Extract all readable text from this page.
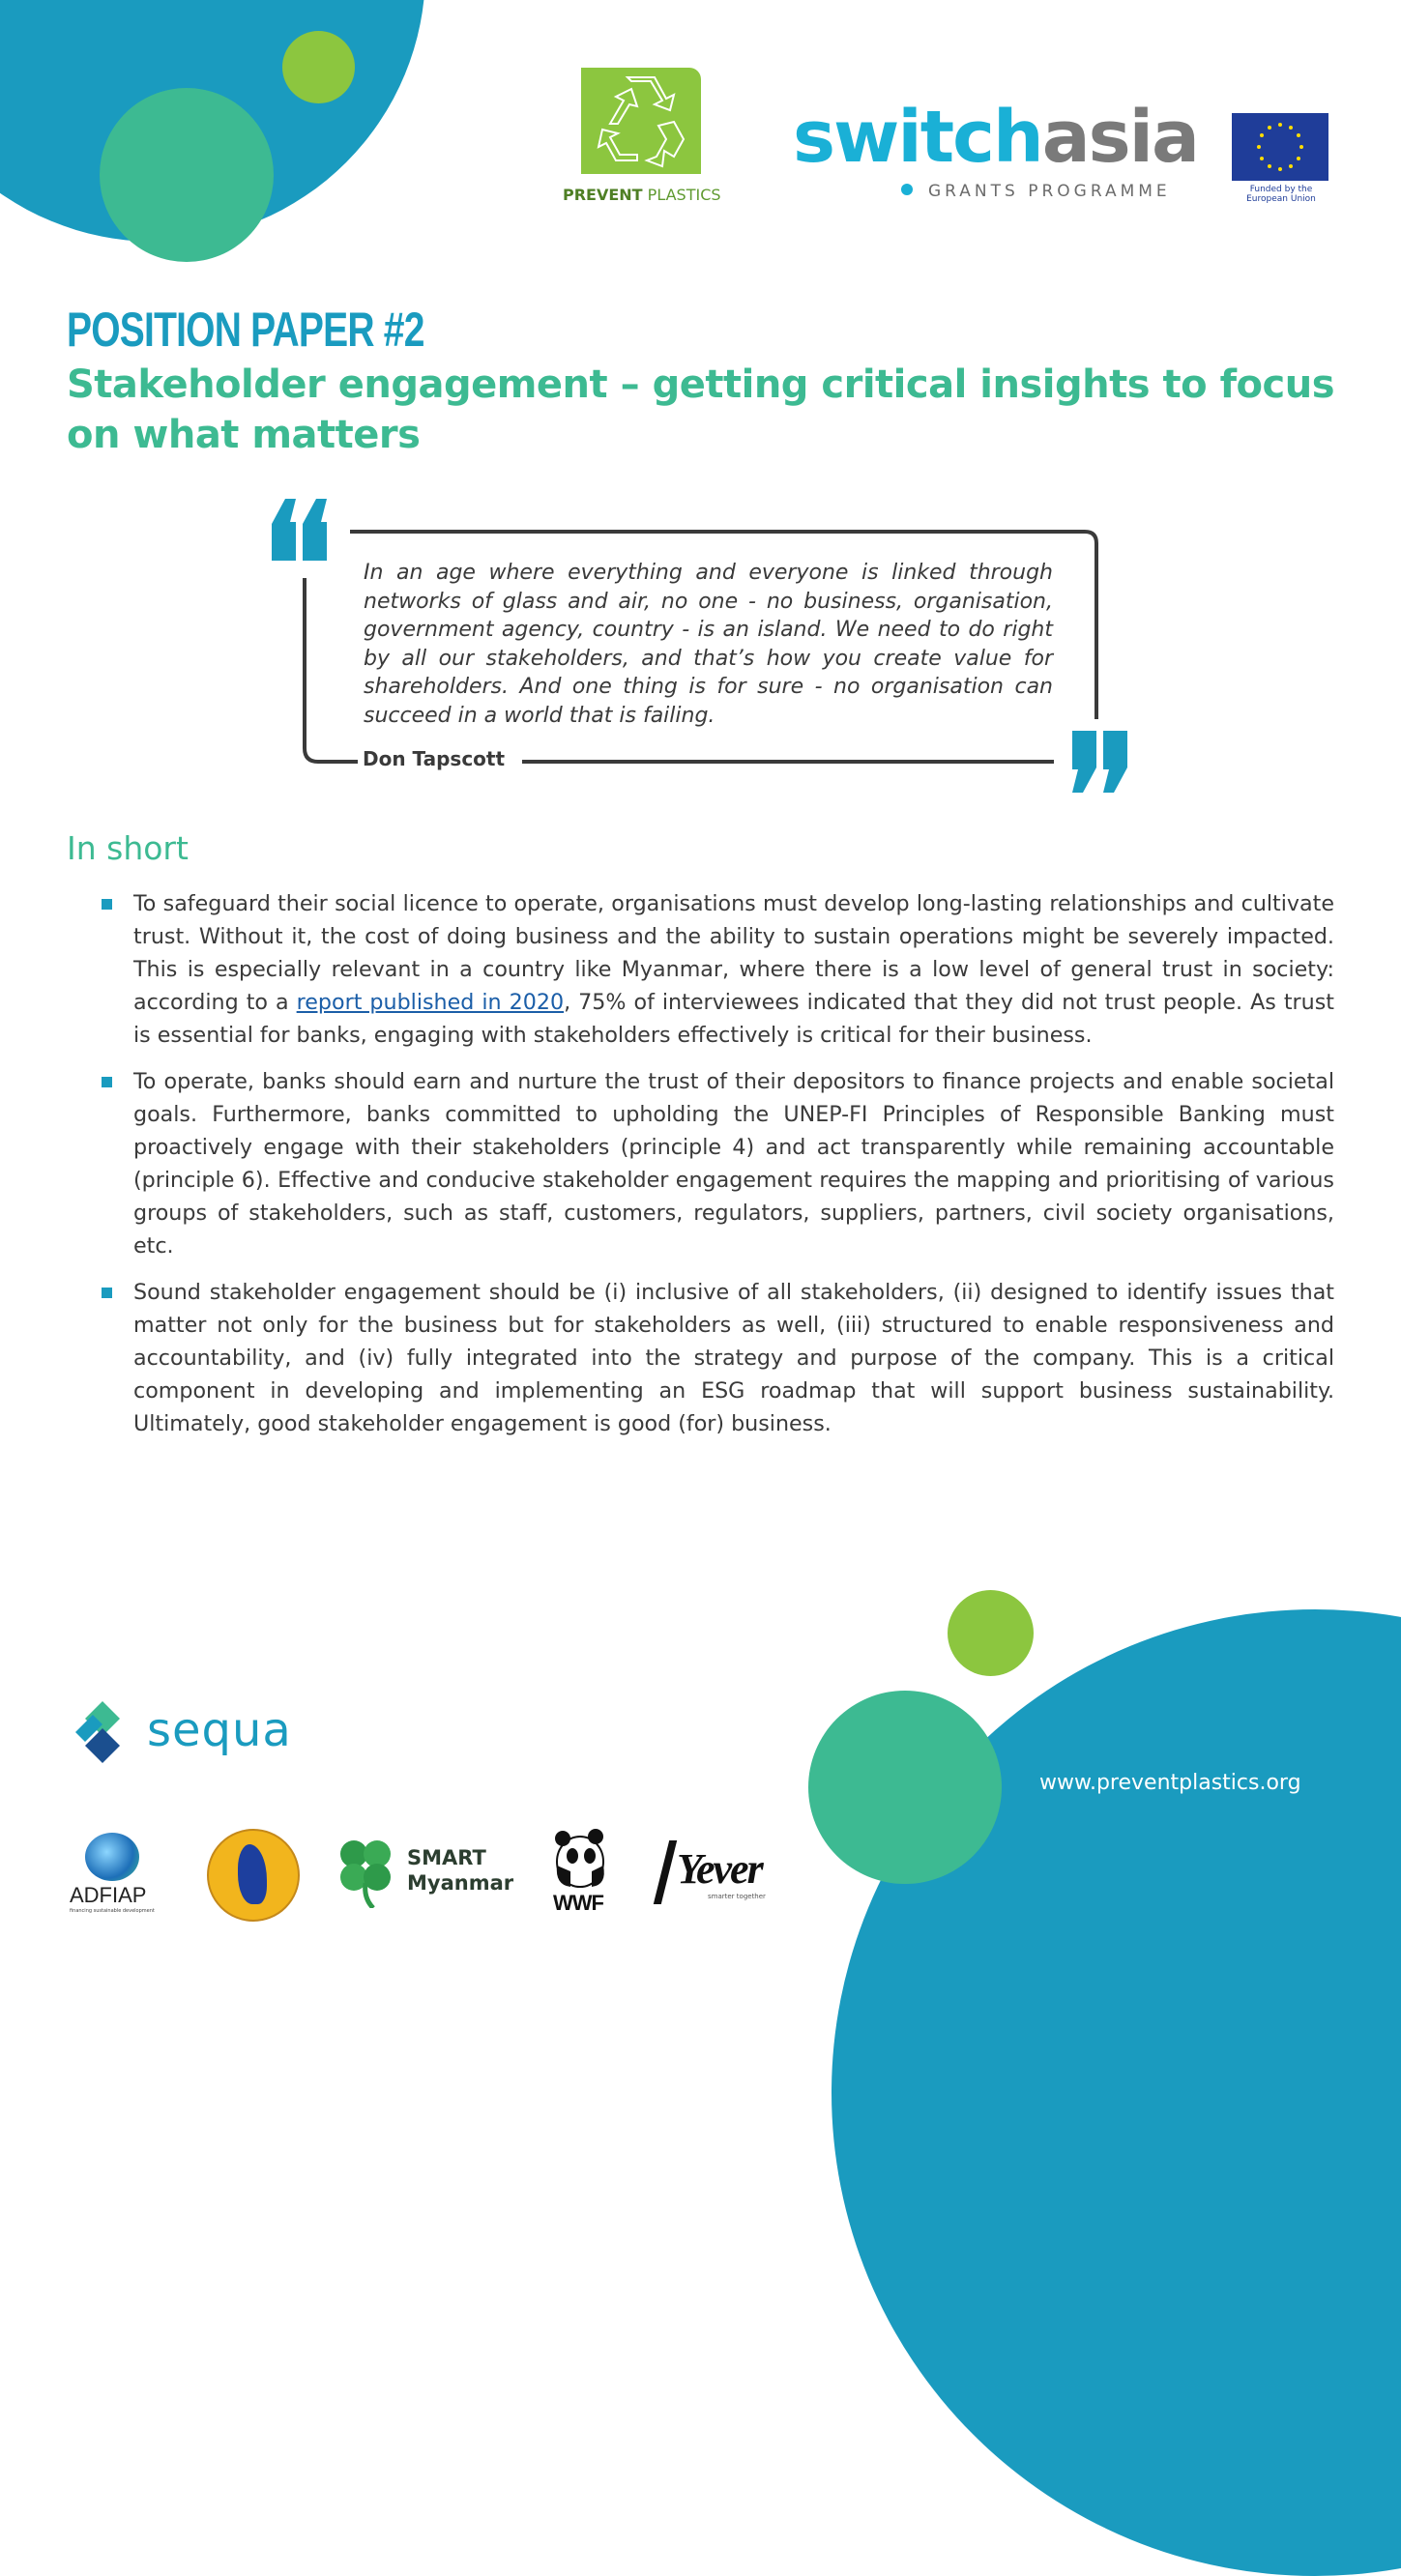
PREVENT PLASTICS
switchasia
GRANTS PROGRAMME	Funded by the
European Union
POSITION PAPER #2
Stakeholder engagement – getting critical insights to focus on what matters
In an age where everything and everyone is linked through networks of glass and air, no one - no business, organisation, government agency, country - is an island. We need to do right by all our stakeholders, and that’s how you create value for shareholders. And one thing is for sure - no organisation can succeed in a world that is failing.
Don Tapscott
In short
To safeguard their social licence to operate, organisations must develop long-lasting relationships and cultivate trust. Without it, the cost of doing business and the ability to sustain operations might be severely impacted. This is especially relevant in a country like Myanmar, where there is a low level of general trust in society: according to a report published in 2020, 75% of interviewees indicated that they did not trust people. As trust is essential for banks, engaging with stakeholders effectively is critical for their business.
To operate, banks should earn and nurture the trust of their depositors to finance projects and enable societal goals. Furthermore, banks committed to upholding the UNEP-FI Principles of Responsible Banking must proactively engage with their stakeholders (principle 4) and act transparently while remaining accountable (principle 6). Effective and conducive stakeholder engagement requires the mapping and prioritising of various groups of stakeholders, such as staff, customers, regulators, suppliers, partners, civil society organisations, etc.
Sound stakeholder engagement should be (i) inclusive of all stakeholders, (ii) designed to identify issues that matter not only for the business but for stakeholders as well, (iii) structured to enable responsiveness and accountability, and (iv) fully integrated into the strategy and purpose of the company. This is a critical component in developing and implementing an ESG roadmap that will support business sustainability. Ultimately, good stakeholder engagement is good (for) business.
sequa
ADFIAP
financing sustainable development
SMART
Myanmar
WWF
Yever
smarter together
www.preventplastics.org
